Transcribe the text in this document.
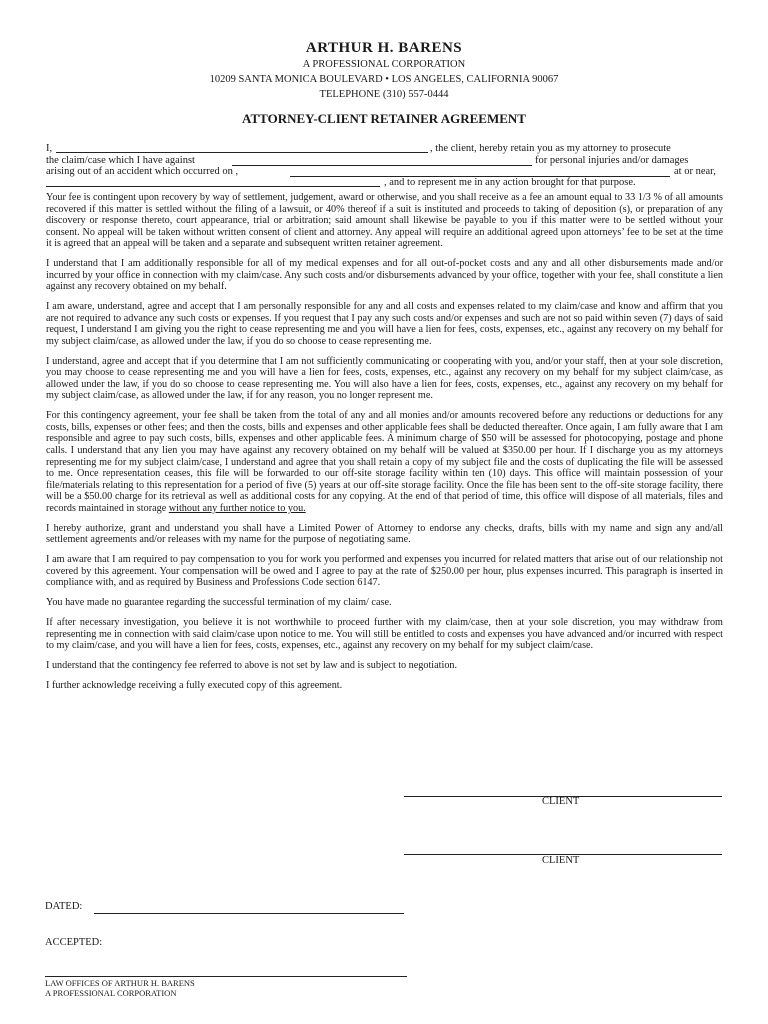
ARTHUR H. BARENS
A PROFESSIONAL CORPORATION
10209 SANTA MONICA BOULEVARD • LOS ANGELES, CALIFORNIA 90067
TELEPHONE (310) 557-0444
ATTORNEY-CLIENT RETAINER AGREEMENT
I,	, the client, hereby retain you as my attorney to prosecute
the claim/case which I have against	for personal injuries and/or damages
arising out of an accident which occurred on ,	at or near,
, and to represent me in any action brought for that purpose.

Your fee is contingent upon recovery by way of settlement, judgement, award or otherwise, and you shall receive as a fee an amount equal to 33 1/3 % of all amounts recovered if this matter is settled without the filing of a lawsuit, or 40% thereof if a suit is instituted and proceeds to taking of deposition (s), or preparation of any discovery or response thereto, court appearance, trial or arbitration; said amount shall likewise be payable to you if this matter were to be settled without your consent. No appeal will be taken without written consent of client and attorney. Any appeal will require an additional agreed upon attorneys’ fee to be set at the time it is agreed that an appeal will be taken and a separate and subsequent written retainer agreement.

I understand that I am additionally responsible for all of my medical expenses and for all out-of-pocket costs and any and all other disbursements made and/or incurred by your office in connection with my claim/case. Any such costs and/or disbursements advanced by your office, together with your fee, shall constitute a lien against any recovery obtained on my behalf.

I am aware, understand, agree and accept that I am personally responsible for any and all costs and expenses related to my claim/case and know and affirm that you are not required to advance any such costs or expenses. If you request that I pay any such costs and/or expenses and such are not so paid within seven (7) days of said request, I understand I am giving you the right to cease representing me and you will have a lien for fees, costs, expenses, etc., against any recovery on my behalf for my subject claim/case, as allowed under the law, if you do so choose to cease representing me.

I understand, agree and accept that if you determine that I am not sufficiently communicating or cooperating with you, and/or your staff, then at your sole discretion, you may choose to cease representing me and you will have a lien for fees, costs, expenses, etc., against any recovery on my behalf for my subject claim/case, as allowed under the law, if you do so choose to cease representing me. You will also have a lien for fees, costs, expenses, etc., against any recovery on my behalf for my subject claim/case, as allowed under the law, if for any reason, you no longer represent me.

For this contingency agreement, your fee shall be taken from the total of any and all monies and/or amounts recovered before any reductions or deductions for any costs, bills, expenses or other fees; and then the costs, bills and expenses and other applicable fees shall be deducted thereafter. Once again, I am fully aware that I am responsible and agree to pay such costs, bills, expenses and other applicable fees. A minimum charge of $50 will be assessed for photocopying, postage and phone calls. I understand that any lien you may have against any recovery obtained on my behalf will be valued at $350.00 per hour. If I discharge you as my attorneys representing me for my subject claim/case, I understand and agree that you shall retain a copy of my subject file and the costs of duplicating the file will be assessed to me. Once representation ceases, this file will be forwarded to our off-site storage facility within ten (10) days. This office will maintain possession of your file/materials relating to this representation for a period of five (5) years at our off-site storage facility. Once the file has been sent to the off-site storage facility, there will be a $50.00 charge for its retrieval as well as additional costs for any copying. At the end of that period of time, this office will dispose of all materials, files and records maintained in storage without any further notice to you.

I hereby authorize, grant and understand you shall have a Limited Power of Attorney to endorse any checks, drafts, bills with my name and sign any and/all settlement agreements and/or releases with my name for the purpose of negotiating same.

I am aware that I am required to pay compensation to you for work you performed and expenses you incurred for related matters that arise out of our relationship not covered by this agreement. Your compensation will be owed and I agree to pay at the rate of $250.00 per hour, plus expenses incurred. This paragraph is inserted in compliance with, and as required by Business and Professions Code section 6147.

You have made no guarantee regarding the successful termination of my claim/ case.

If after necessary investigation, you believe it is not worthwhile to proceed further with my claim/case, then at your sole discretion, you may withdraw from representing me in connection with said claim/case upon notice to me. You will still be entitled to costs and expenses you have advanced and/or incurred with respect to my claim/case, and you will have a lien for fees, costs, expenses, etc., against any recovery on my behalf for my subject claim/case.

I understand that the contingency fee referred to above is not set by law and is subject to negotiation.

I further acknowledge receiving a fully executed copy of this agreement.

CLIENT
CLIENT
DATED:
ACCEPTED:
LAW OFFICES OF ARTHUR H. BARENS
A PROFESSIONAL CORPORATION
